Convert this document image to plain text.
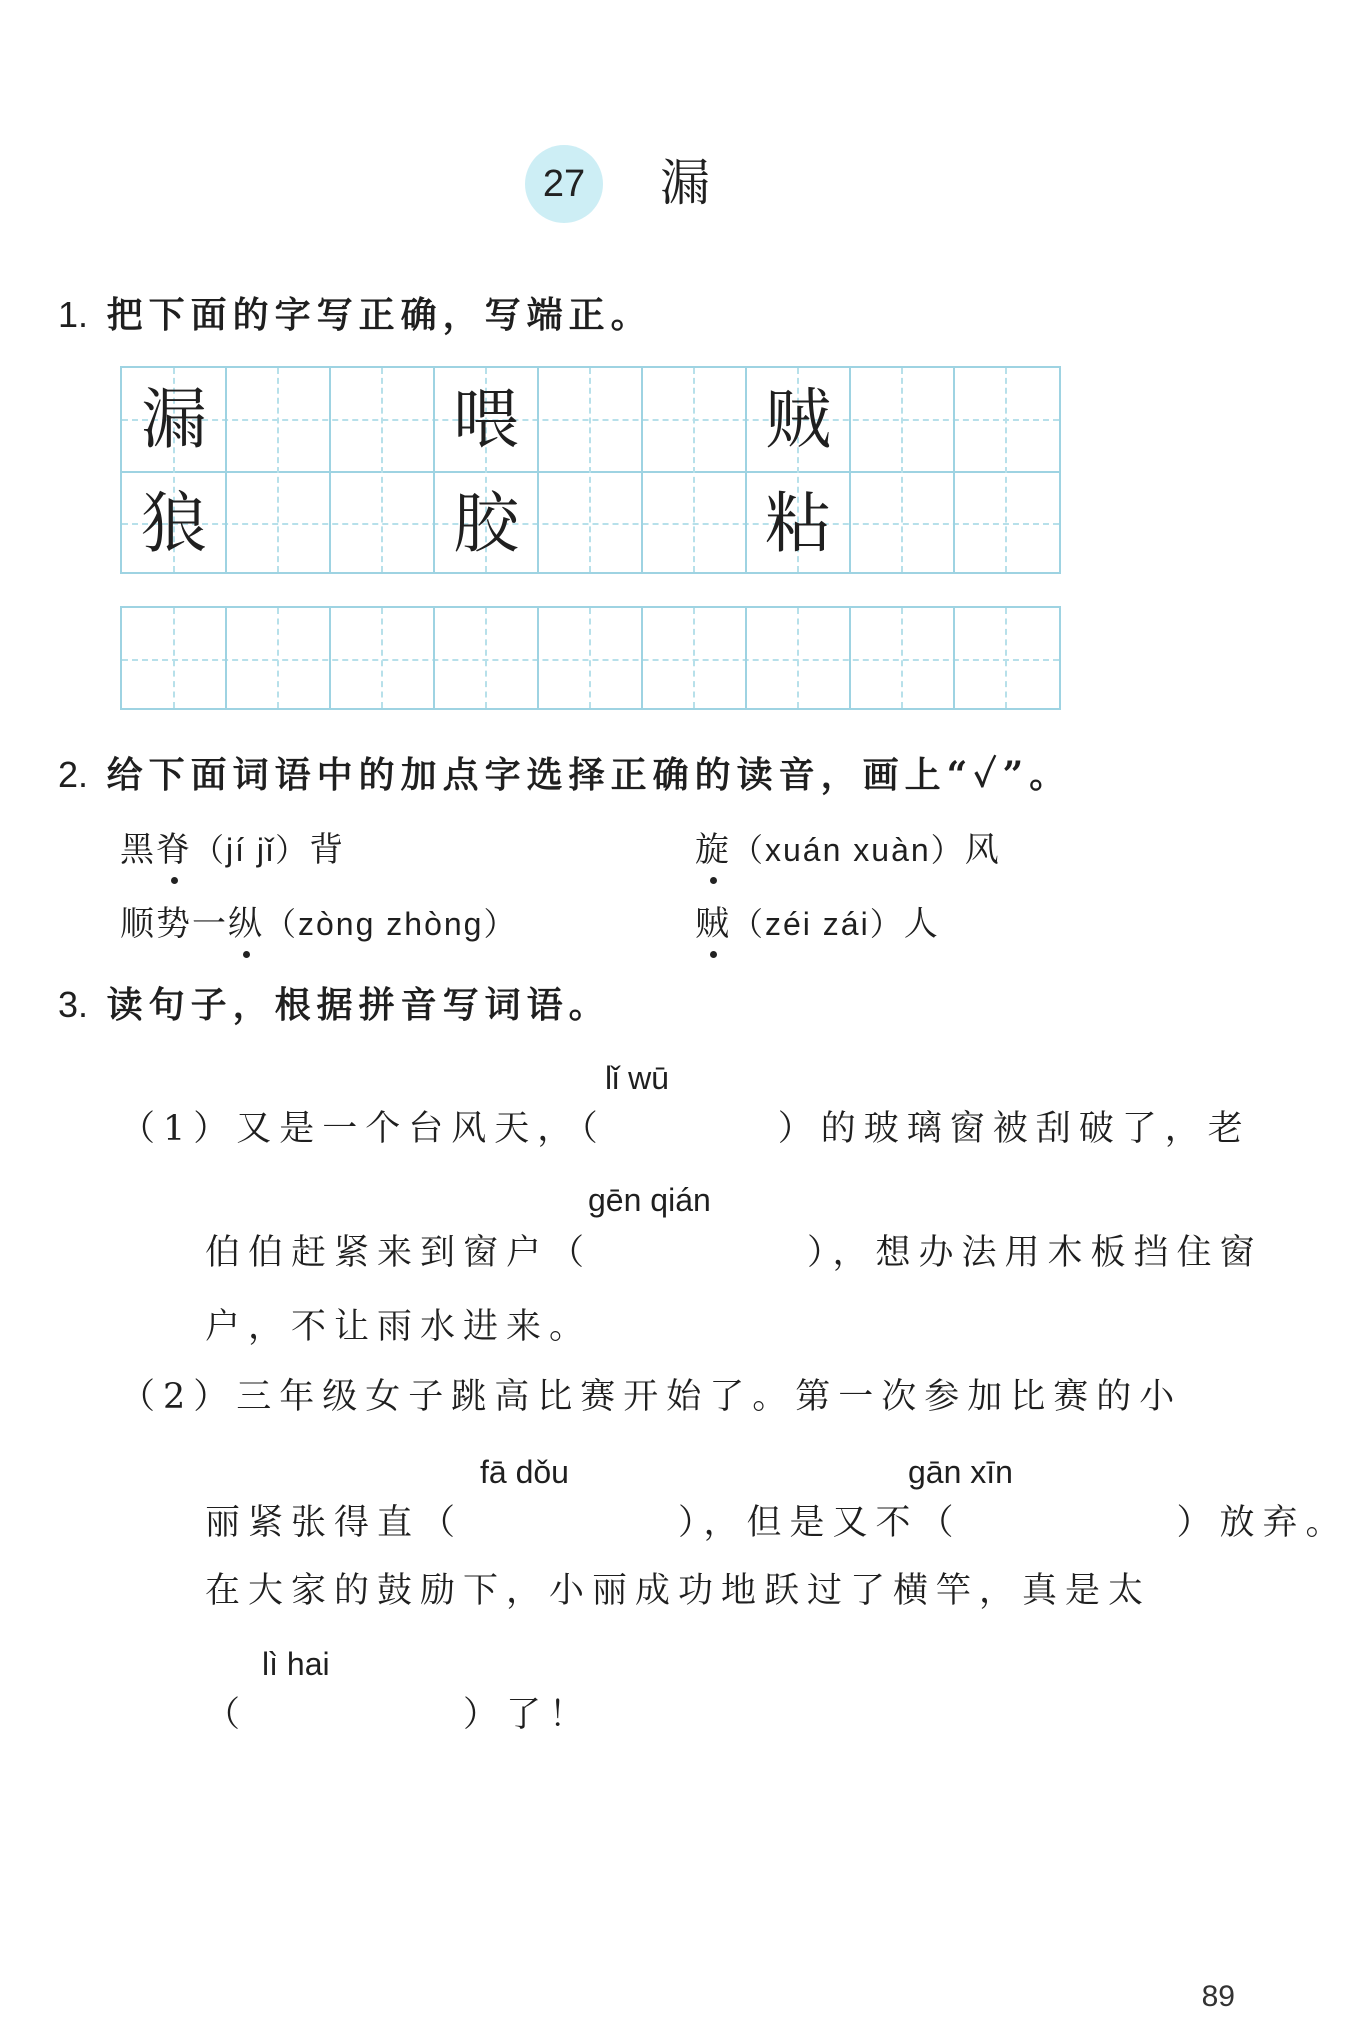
27	漏
1. 把下面的字写正确，写端正。
漏	喂	贼
狼	胶	粘
2. 给下面词语中的加点字选择正确的读音，画上“✓”。
黑脊（jí jǐ）背	旋（xuán xuàn）风
顺势一纵（zòng zhòng）	贼（zéi zái）人
3. 读句子，根据拼音写词语。
lǐ wū
（1）又是一个台风天，（　　　　）的玻璃窗被刮破了，老
gēn qián
伯伯赶紧来到窗户（　　　　　），想办法用木板挡住窗
户，不让雨水进来。
（2）三年级女子跳高比赛开始了。第一次参加比赛的小
fā dǒu	gān xīn
丽紧张得直（　　　　　），但是又不（　　　　　）放弃。
在大家的鼓励下，小丽成功地跃过了横竿，真是太
lì hai
（　　　　　）了！
89
